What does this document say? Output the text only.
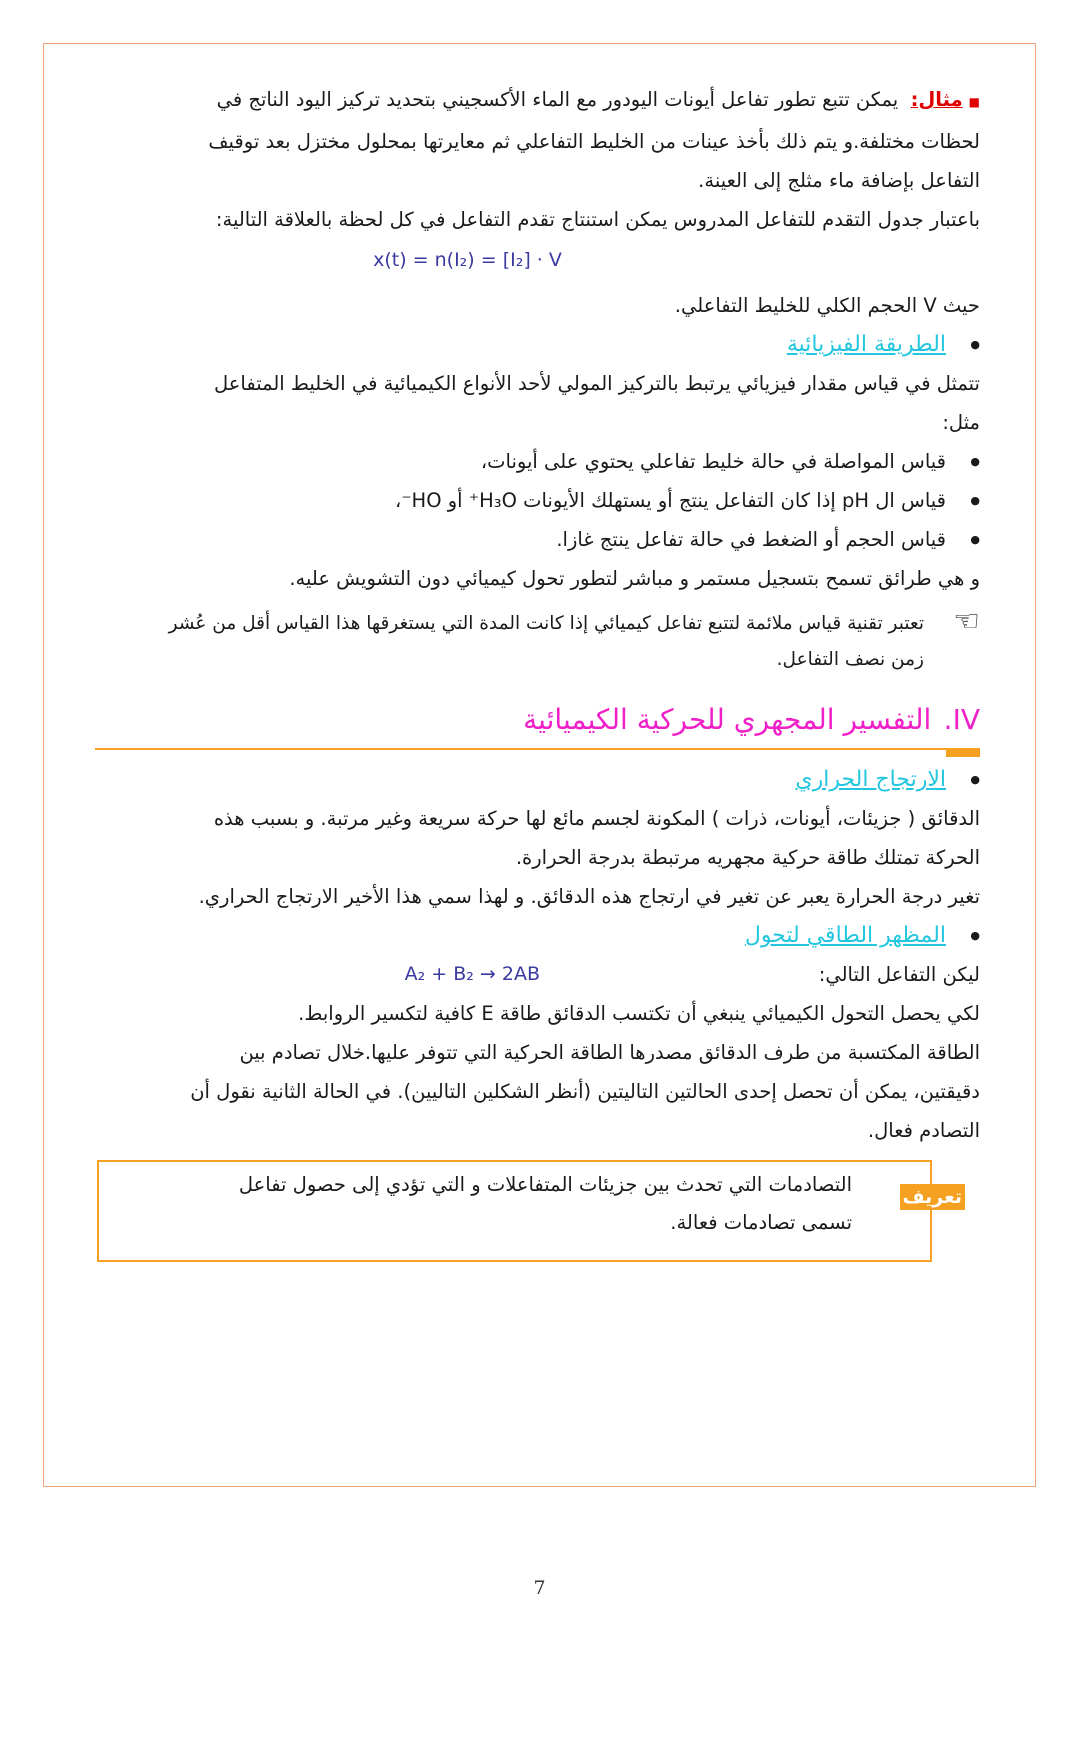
■مثال:  يمكن تتبع تطور تفاعل أيونات اليودور مع الماء الأكسجيني بتحديد تركيز اليود الناتج في

لحظات مختلفة.و يتم ذلك بأخذ عينات من الخليط التفاعلي ثم معايرتها بمحلول مختزل بعد توقيف

التفاعل بإضافة ماء مثلج إلى العينة.

باعتبار جدول التقدم للتفاعل المدروس يمكن استنتاج تقدم التفاعل في كل لحظة بالعلاقة التالية:

x(t) = n(I₂) = [I₂] · V

حيث V الحجم الكلي للخليط التفاعلي.

● الطريقة الفيزيائية

تتمثل في قياس مقدار فيزيائي يرتبط بالتركيز المولي لأحد الأنواع الكيميائية في الخليط المتفاعل

مثل:

● قياس المواصلة في حالة خليط تفاعلي يحتوي على أيونات،

● قياس ال pH إذا كان التفاعل ينتج أو يستهلك الأيونات H₃O⁺ أو HO⁻،

● قياس الحجم أو الضغط في حالة تفاعل ينتج غازا.

و هي طرائق تسمح بتسجيل مستمر و مباشر لتطور تحول كيميائي دون التشويش عليه.

☜

تعتبر تقنية قياس ملائمة لتتبع تفاعل كيميائي إذا كانت المدة التي يستغرقها هذا القياس أقل من عُشر

زمن نصف التفاعل.

IV.  التفسير المجهري للحركية الكيميائية

● الارتجاج الحراري

الدقائق ( جزيئات، أيونات، ذرات ) المكونة لجسم مائع لها حركة سريعة وغير مرتبة. و بسبب هذه

الحركة تمتلك طاقة حركية مجهريه مرتبطة بدرجة الحرارة.

تغير درجة الحرارة يعبر عن تغير في ارتجاج هذه الدقائق. و لهذا سمي هذا الأخير الارتجاج الحراري.

● المظهر الطاقي لتحول

ليكن التفاعل التالي:
A₂ + B₂ → 2AB

لكي يحصل التحول الكيميائي ينبغي أن تكتسب الدقائق طاقة E كافية لتكسير الروابط.

الطاقة المكتسبة من طرف الدقائق مصدرها الطاقة الحركية التي تتوفر عليها.خلال تصادم بين

دقيقتين، يمكن أن تحصل إحدى الحالتين التاليتين (أنظر الشكلين التاليين). في الحالة الثانية نقول أن

التصادم فعال.

تعريف

التصادمات التي تحدث بين جزيئات المتفاعلات و التي تؤدي إلى حصول تفاعل

تسمى تصادمات فعالة.

7
